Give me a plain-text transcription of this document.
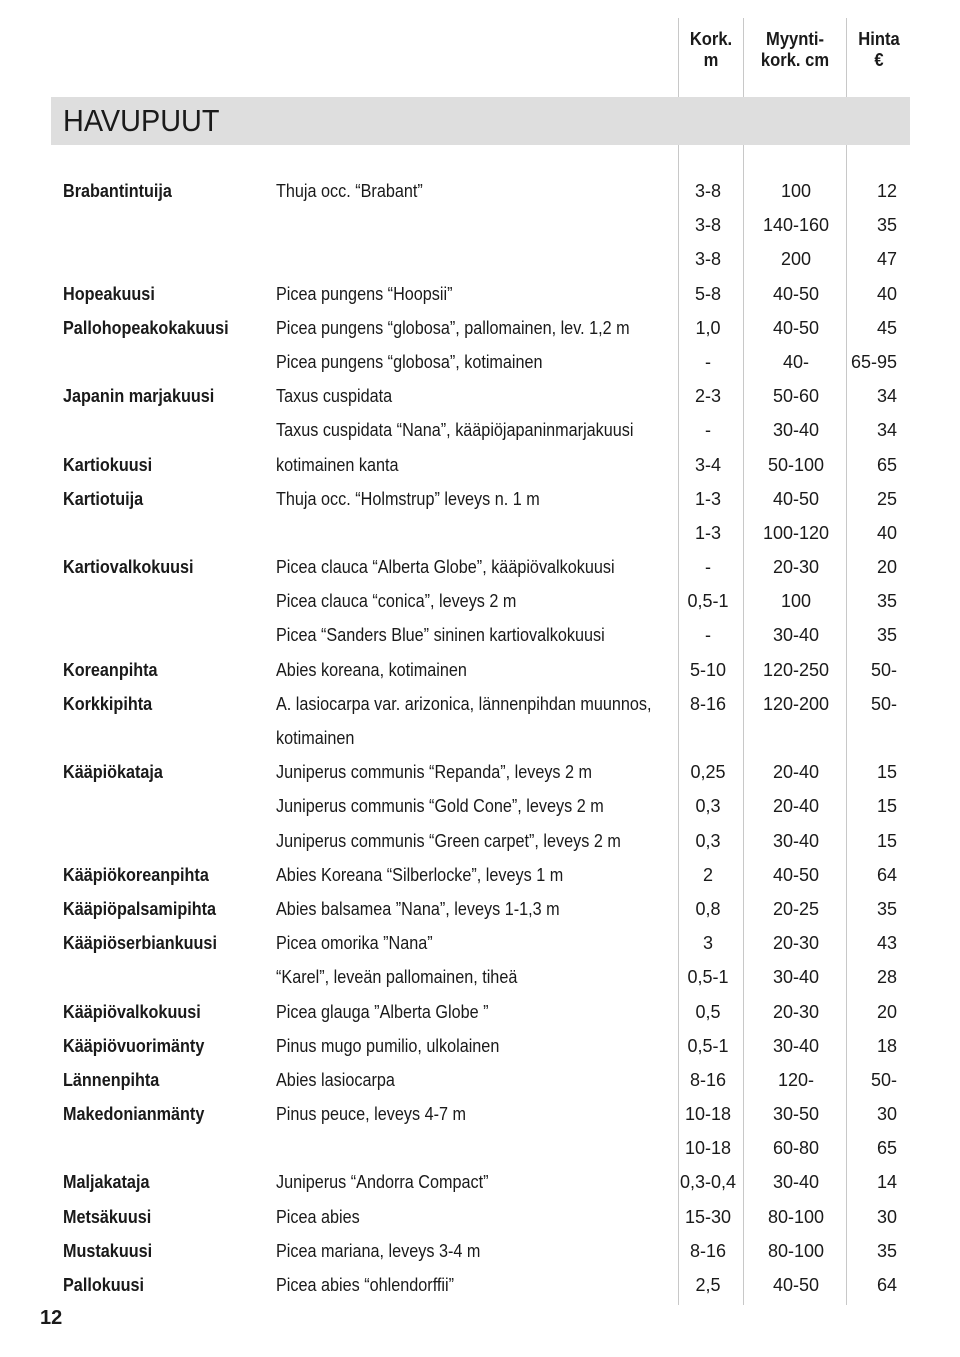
Kork.
m
Myynti-
kork. cm
Hinta
€
HAVUPUUT
Brabantintuija	Thuja occ. “Brabant”	3-8	100	12
3-8	140-160	35
3-8	200	47
Hopeakuusi	Picea pungens “Hoopsii”	5-8	40-50	40
Pallohopeakokakuusi	Picea pungens “globosa”, pallomainen, lev. 1,2 m	1,0	40-50	45
Picea pungens “globosa”, kotimainen	-	40-	65-95
Japanin marjakuusi	Taxus cuspidata	2-3	50-60	34
Taxus cuspidata “Nana”, kääpiöjapaninmarjakuusi	-	30-40	34
Kartiokuusi	kotimainen kanta	3-4	50-100	65
Kartiotuija	Thuja occ. “Holmstrup” leveys n. 1 m	1-3	40-50	25
1-3	100-120	40
Kartiovalkokuusi	Picea clauca “Alberta Globe”, kääpiövalkokuusi	-	20-30	20
Picea clauca “conica”, leveys 2 m	0,5-1	100	35
Picea “Sanders Blue” sininen kartiovalkokuusi	-	30-40	35
Koreanpihta	Abies koreana, kotimainen	5-10	120-250	50-
Korkkipihta	A. lasiocarpa var. arizonica, lännenpihdan muunnos,	8-16	120-200	50-
kotimainen
Kääpiökataja	Juniperus communis “Repanda”, leveys 2 m	0,25	20-40	15
Juniperus communis “Gold Cone”, leveys 2 m	0,3	20-40	15
Juniperus communis “Green carpet”, leveys 2 m	0,3	30-40	15
Kääpiökoreanpihta	Abies Koreana “Silberlocke”, leveys 1 m	2	40-50	64
Kääpiöpalsamipihta	Abies balsamea ”Nana”, leveys 1-1,3 m	0,8	20-25	35
Kääpiöserbiankuusi	Picea omorika ”Nana”	3	20-30	43
“Karel”, leveän pallomainen, tiheä	0,5-1	30-40	28
Kääpiövalkokuusi	Picea glauga ”Alberta Globe ”	0,5	20-30	20
Kääpiövuorimänty	Pinus mugo pumilio, ulkolainen	0,5-1	30-40	18
Lännenpihta	Abies lasiocarpa	8-16	120-	50-
Makedonianmänty	Pinus peuce, leveys 4-7 m	10-18	30-50	30
10-18	60-80	65
Maljakataja	Juniperus “Andorra Compact”	0,3-0,4	30-40	14
Metsäkuusi	Picea abies	15-30	80-100	30
Mustakuusi	Picea mariana, leveys 3-4 m	8-16	80-100	35
Pallokuusi	Picea abies “ohlendorffii”	2,5	40-50	64
12
